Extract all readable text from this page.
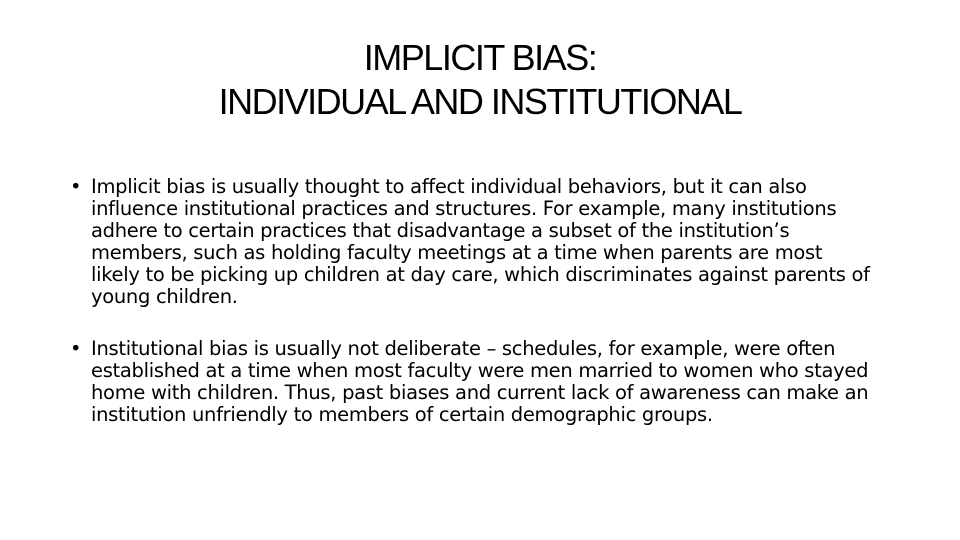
IMPLICIT BIAS:
INDIVIDUAL AND INSTITUTIONAL
• Implicit bias is usually thought to affect individual behaviors, but it can also influence institutional practices and structures. For example, many institutions adhere to certain practices that disadvantage a subset of the institution’s members, such as holding faculty meetings at a time when parents are most likely to be picking up children at day care, which discriminates against parents of young children.
• Institutional bias is usually not deliberate – schedules, for example, were often established at a time when most faculty were men married to women who stayed home with children. Thus, past biases and current lack of awareness can make an institution unfriendly to members of certain demographic groups.
